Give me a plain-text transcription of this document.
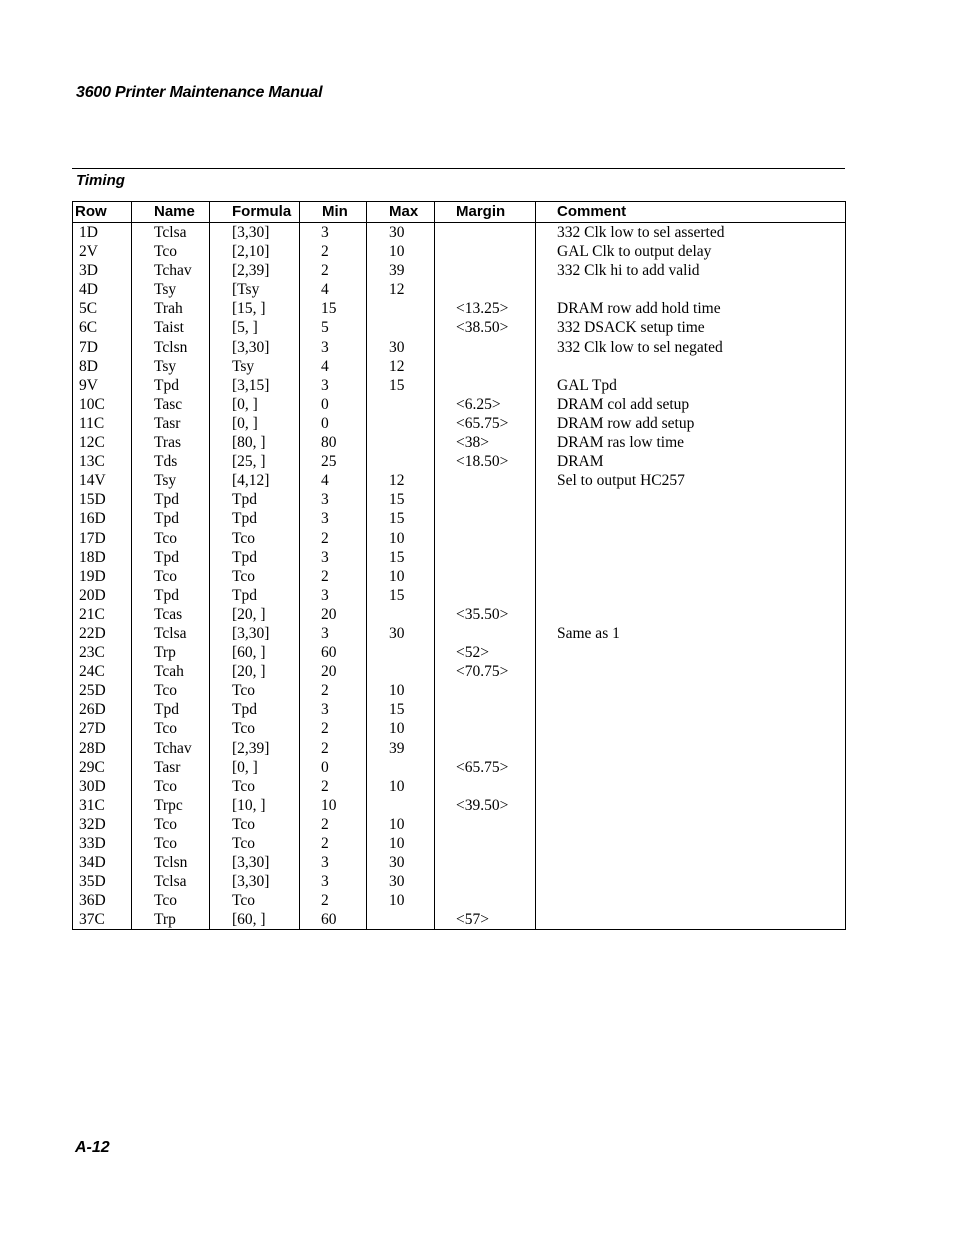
3600 Printer Maintenance Manual
Timing
Row	Name	Formula	Min	Max	Margin	Comment
1D	Tclsa	[3,30]	3	30		332 Clk low to sel asserted
2V	Tco	[2,10]	2	10		GAL Clk to output delay
3D	Tchav	[2,39]	2	39		332 Clk hi to add valid
4D	Tsy	[Tsy	4	12		
5C	Trah	[15, ]	15		<13.25>	DRAM row add hold time
6C	Taist	[5, ]	5		<38.50>	332 DSACK setup time
7D	Tclsn	[3,30]	3	30		332 Clk low to sel negated
8D	Tsy	Tsy	4	12		
9V	Tpd	[3,15]	3	15		GAL Tpd
10C	Tasc	[0, ]	0		<6.25>	DRAM col add setup
11C	Tasr	[0, ]	0		<65.75>	DRAM row add setup
12C	Tras	[80, ]	80		<38>	DRAM ras low time
13C	Tds	[25, ]	25		<18.50>	DRAM
14V	Tsy	[4,12]	4	12		Sel to output HC257
15D	Tpd	Tpd	3	15		
16D	Tpd	Tpd	3	15		
17D	Tco	Tco	2	10		
18D	Tpd	Tpd	3	15		
19D	Tco	Tco	2	10		
20D	Tpd	Tpd	3	15		
21C	Tcas	[20, ]	20		<35.50>	
22D	Tclsa	[3,30]	3	30		Same as 1
23C	Trp	[60, ]	60		<52>	
24C	Tcah	[20, ]	20		<70.75>	
25D	Tco	Tco	2	10		
26D	Tpd	Tpd	3	15		
27D	Tco	Tco	2	10		
28D	Tchav	[2,39]	2	39		
29C	Tasr	[0, ]	0		<65.75>	
30D	Tco	Tco	2	10		
31C	Trpc	[10, ]	10		<39.50>	
32D	Tco	Tco	2	10		
33D	Tco	Tco	2	10		
34D	Tclsn	[3,30]	3	30		
35D	Tclsa	[3,30]	3	30		
36D	Tco	Tco	2	10		
37C	Trp	[60, ]	60		<57>	
A-12
